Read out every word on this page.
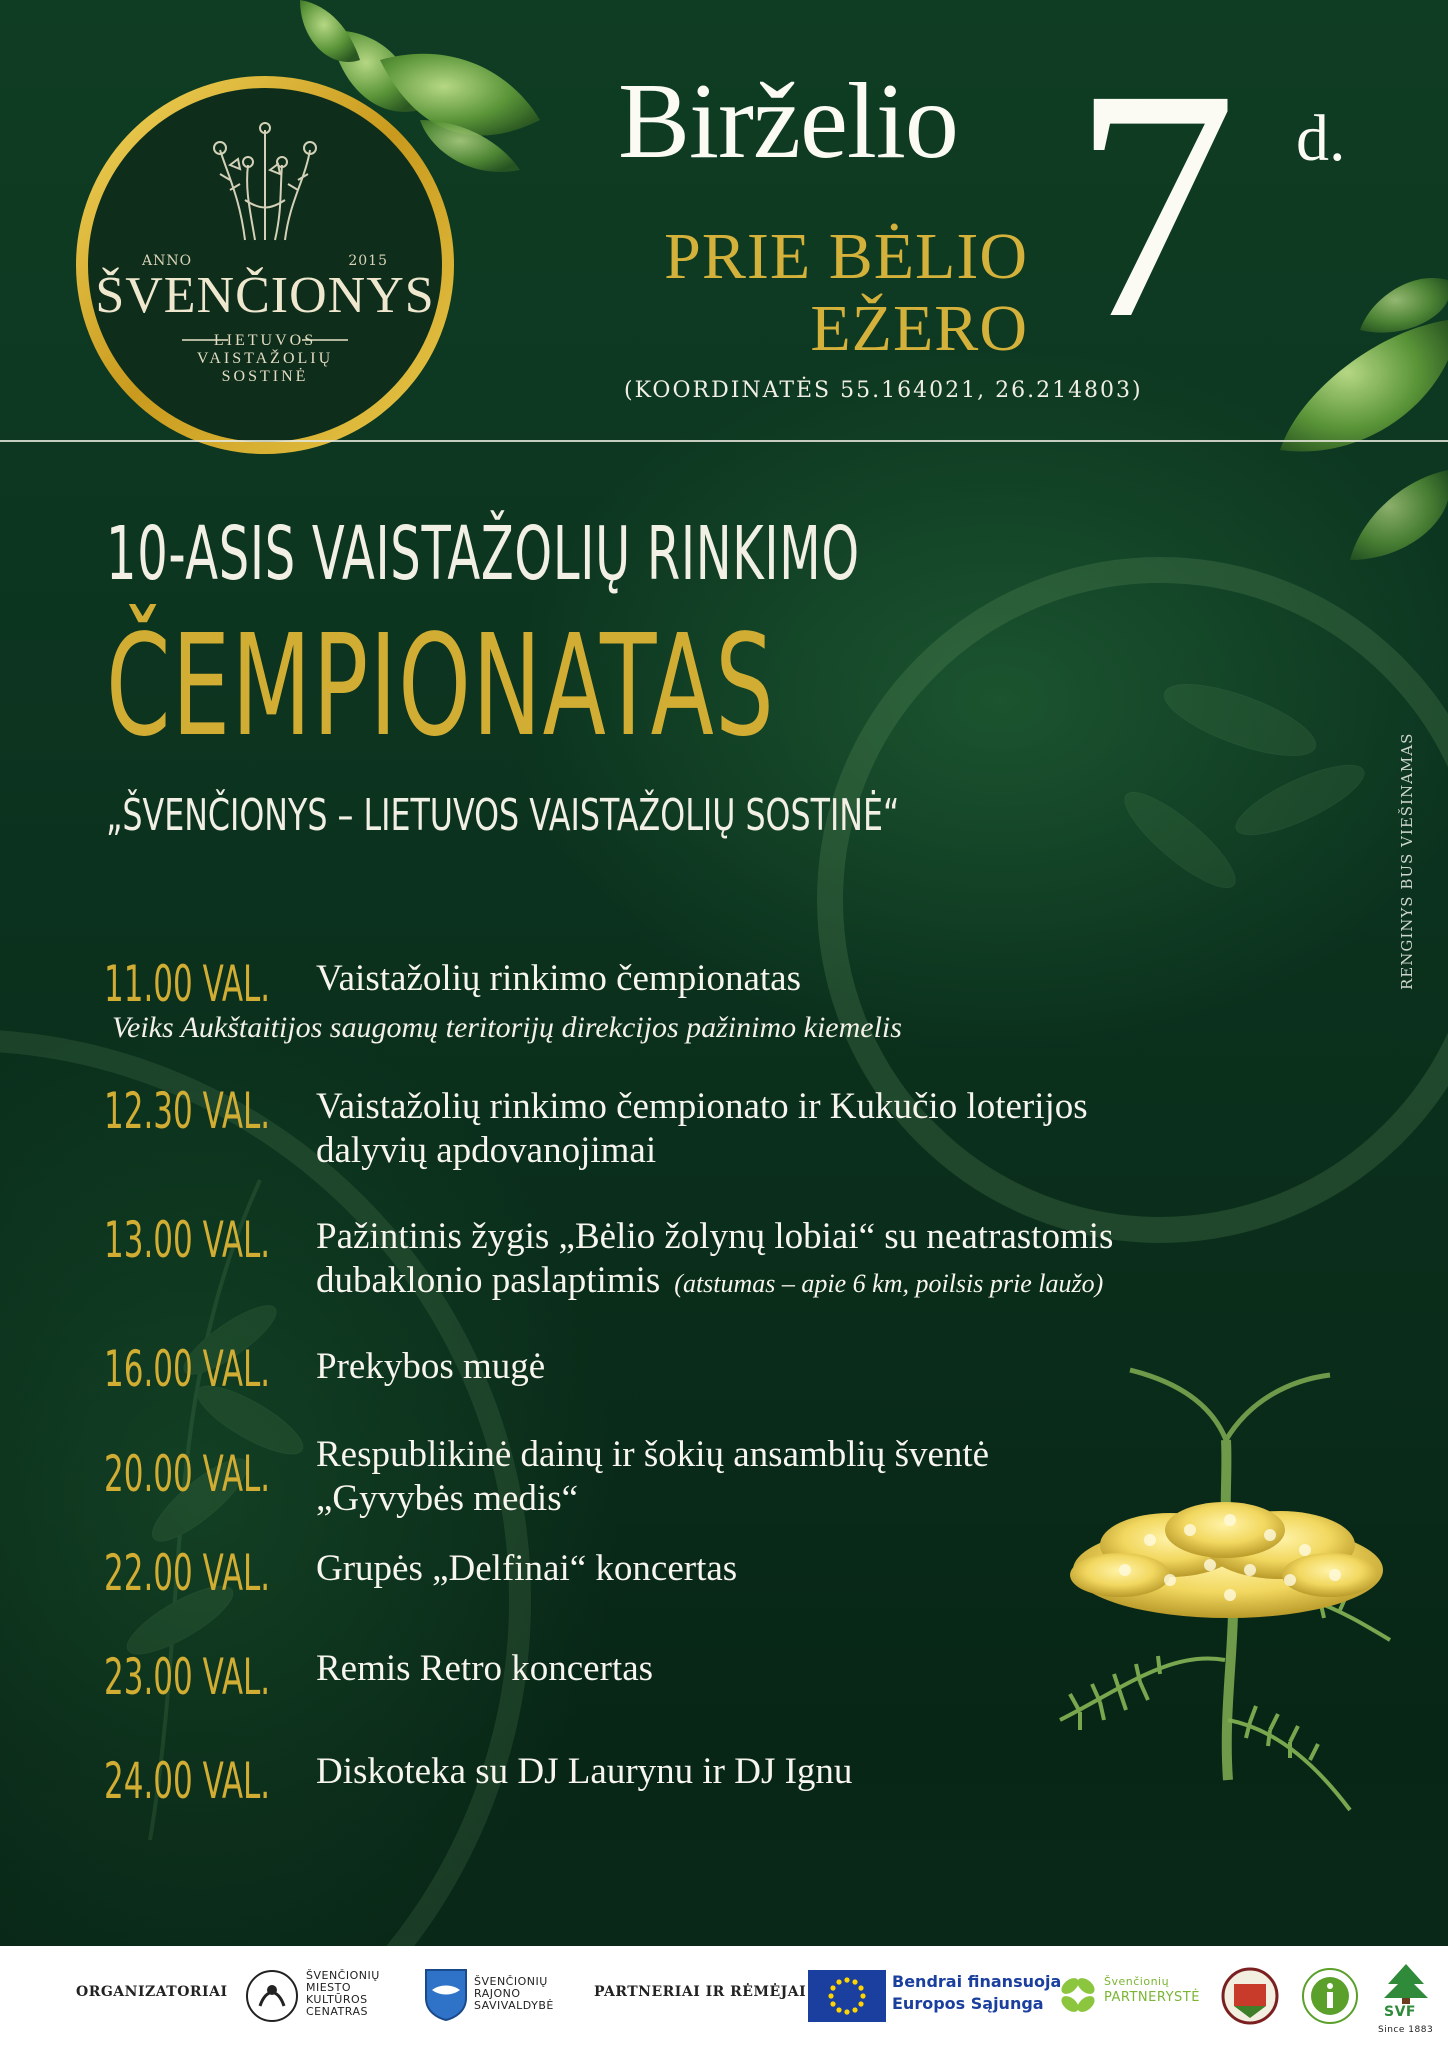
ANNO	2015
ŠVENČIONYS
LIETUVOS
VAISTAŽOLIŲ
SOSTINĖ
Birželio 7 d.
PRIE BĖLIO
EŽERO
(KOORDINATĖS 55.164021, 26.214803)
10-ASIS VAISTAŽOLIŲ RINKIMO
ČEMPIONATAS
„ŠVENČIONYS – LIETUVOS VAISTAŽOLIŲ SOSTINĖ“	RENGINYS BUS VIEŠINAMAS
11.00 VAL. Vaistažolių rinkimo čempionatas
Veiks Aukštaitijos saugomų teritorijų direkcijos pažinimo kiemelis
12.30 VAL. Vaistažolių rinkimo čempionato ir Kukučio loterijos
dalyvių apdovanojimai
13.00 VAL. Pažintinis žygis „Bėlio žolynų lobiai“ su neatrastomis
dubaklonio paslaptimis (atstumas – apie 6 km, poilsis prie laužo)
16.00 VAL. Prekybos mugė
20.00 VAL. Respublikinė dainų ir šokių ansamblių šventė
„Gyvybės medis“
22.00 VAL. Grupės „Delfinai“ koncertas
23.00 VAL. Remis Retro koncertas
24.00 VAL. Diskoteka su DJ Laurynu ir DJ Ignu
ORGANIZATORIAI
ŠVENČIONIŲ
MIESTO
KULTŪROS
CENATRAS
ŠVENČIONIŲ
RAJONO
SAVIVALDYBĖ
PARTNERIAI IR RĖMĖJAI
Bendrai finansuoja
Europos Sąjunga
Švenčionių
PARTNERYSTĖ
SVF
Since 1883
